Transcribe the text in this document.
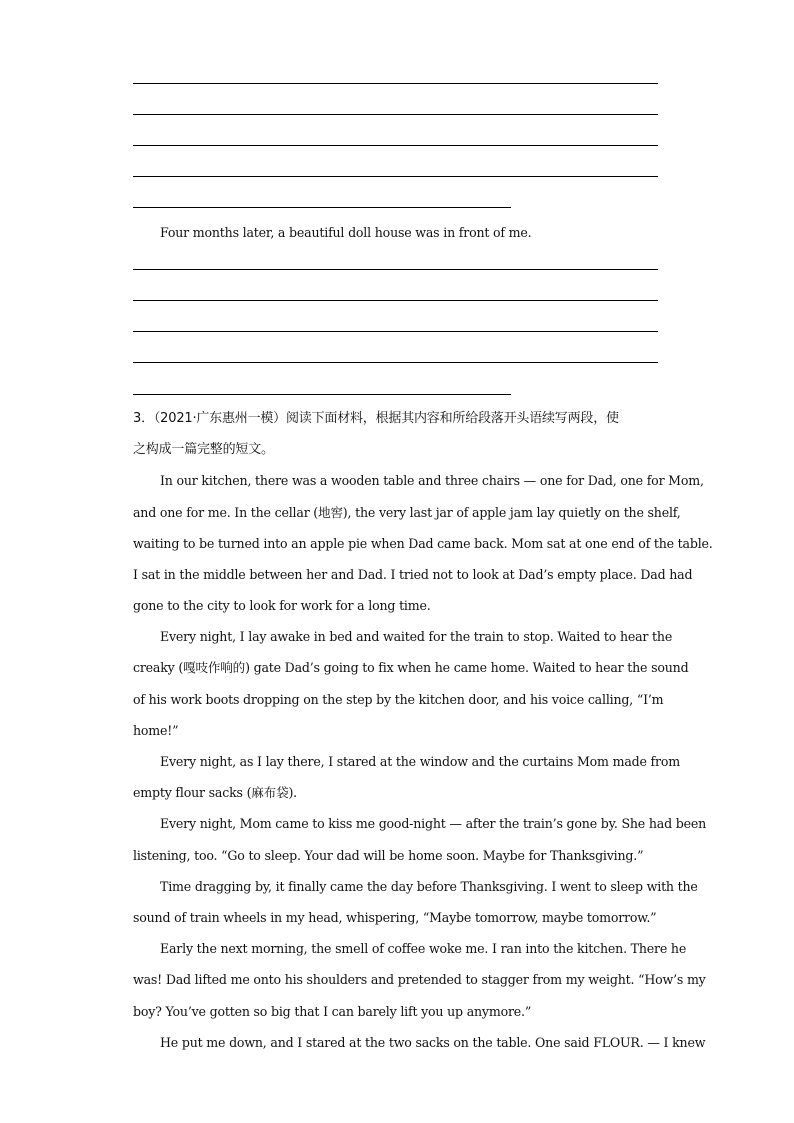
Four months later, a beautiful doll house was in front of me.
3．（2021·广东惠州一模）阅读下面材料，根据其内容和所给段落开头语续写两段，使
之构成一篇完整的短文。
In our kitchen, there was a wooden table and three chairs — one for Dad, one for Mom,
and one for me. In the cellar (地窖), the very last jar of apple jam lay quietly on the shelf,
waiting to be turned into an apple pie when Dad came back. Mom sat at one end of the table.
I sat in the middle between her and Dad. I tried not to look at Dad’s empty place. Dad had
gone to the city to look for work for a long time.
Every night, I lay awake in bed and waited for the train to stop. Waited to hear the
creaky (嘎吱作响的) gate Dad’s going to fix when he came home. Waited to hear the sound
of his work boots dropping on the step by the kitchen door, and his voice calling, “I’m
home!”
Every night, as I lay there, I stared at the window and the curtains Mom made from
empty flour sacks (麻布袋).
Every night, Mom came to kiss me good-night — after the train’s gone by. She had been
listening, too. “Go to sleep. Your dad will be home soon. Maybe for Thanksgiving.”
Time dragging by, it finally came the day before Thanksgiving. I went to sleep with the
sound of train wheels in my head, whispering, “Maybe tomorrow, maybe tomorrow.”
Early the next morning, the smell of coffee woke me. I ran into the kitchen. There he
was! Dad lifted me onto his shoulders and pretended to stagger from my weight. “How’s my
boy? You’ve gotten so big that I can barely lift you up anymore.”
He put me down, and I stared at the two sacks on the table. One said FLOUR. — I knew
